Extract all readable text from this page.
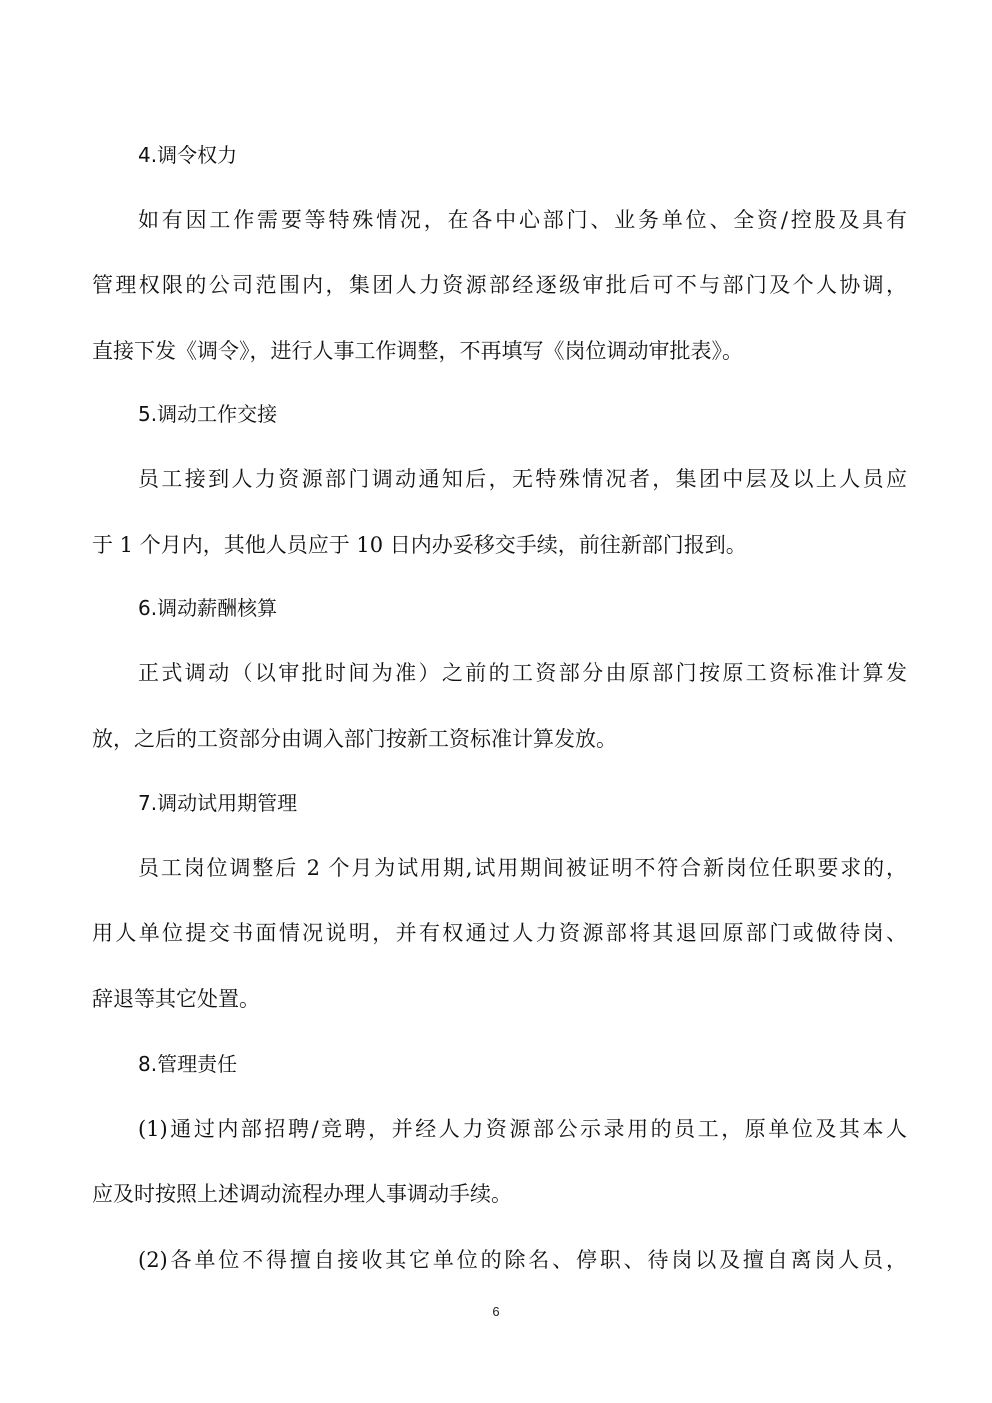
4.调令权力
如有因工作需要等特殊情况，在各中心部门、业务单位、全资/控股及具有
管理权限的公司范围内，集团人力资源部经逐级审批后可不与部门及个人协调，
直接下发《调令》，进行人事工作调整，不再填写《岗位调动审批表》。
5.调动工作交接
员工接到人力资源部门调动通知后，无特殊情况者，集团中层及以上人员应
于 1 个月内，其他人员应于 10 日内办妥移交手续，前往新部门报到。
6.调动薪酬核算
正式调动（以审批时间为准）之前的工资部分由原部门按原工资标准计算发
放，之后的工资部分由调入部门按新工资标准计算发放。
7.调动试用期管理
员工岗位调整后 2 个月为试用期,试用期间被证明不符合新岗位任职要求的，
用人单位提交书面情况说明，并有权通过人力资源部将其退回原部门或做待岗、
辞退等其它处置。
8.管理责任
(1)通过内部招聘/竞聘，并经人力资源部公示录用的员工，原单位及其本人
应及时按照上述调动流程办理人事调动手续。
(2)各单位不得擅自接收其它单位的除名、停职、待岗以及擅自离岗人员，
6
